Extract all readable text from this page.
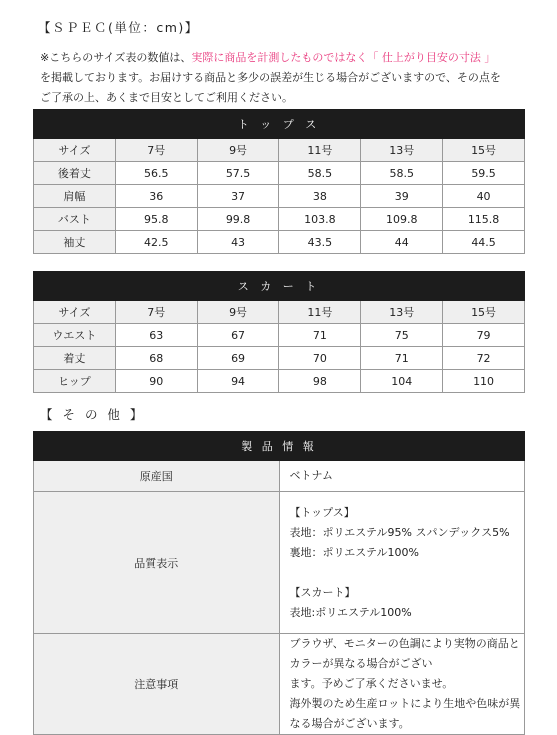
【ＳＰＥＣ(単位：cm)】
※こちらのサイズ表の数値は、実際に商品を計測したものではなく「 仕上がり目安の寸法 」
を掲載しております。お届けする商品と多少の誤差が生じる場合がございますので、その点を
ご了承の上、あくまで目安としてご利用ください。
ト ッ プ ス					
サイズ	7号	9号	11号	13号	15号
後着丈	56.5	57.5	58.5	58.5	59.5
肩幅	36	37	38	39	40
バスト	95.8	99.8	103.8	109.8	115.8
袖丈	42.5	43	43.5	44	44.5
ス カ ー ト					
サイズ	7号	9号	11号	13号	15号
ウエスト	63	67	71	75	79
着丈	68	69	70	71	72
ヒップ	90	94	98	104	110
【 そ の 他 】
製 品 情 報	
原産国	ベトナム
品質表示	【トップス】
表地：ポリエステル95% スパンデックス5%
裏地：ポリエステル100%
【スカート】
表地:ポリエステル100%

注意事項	ブラウザ、モニターの色調により実物の商品とカラーが異なる場合がござい
ます。予めご了承くださいませ。
海外製のため生産ロットにより生地や色味が異なる場合がございます。
